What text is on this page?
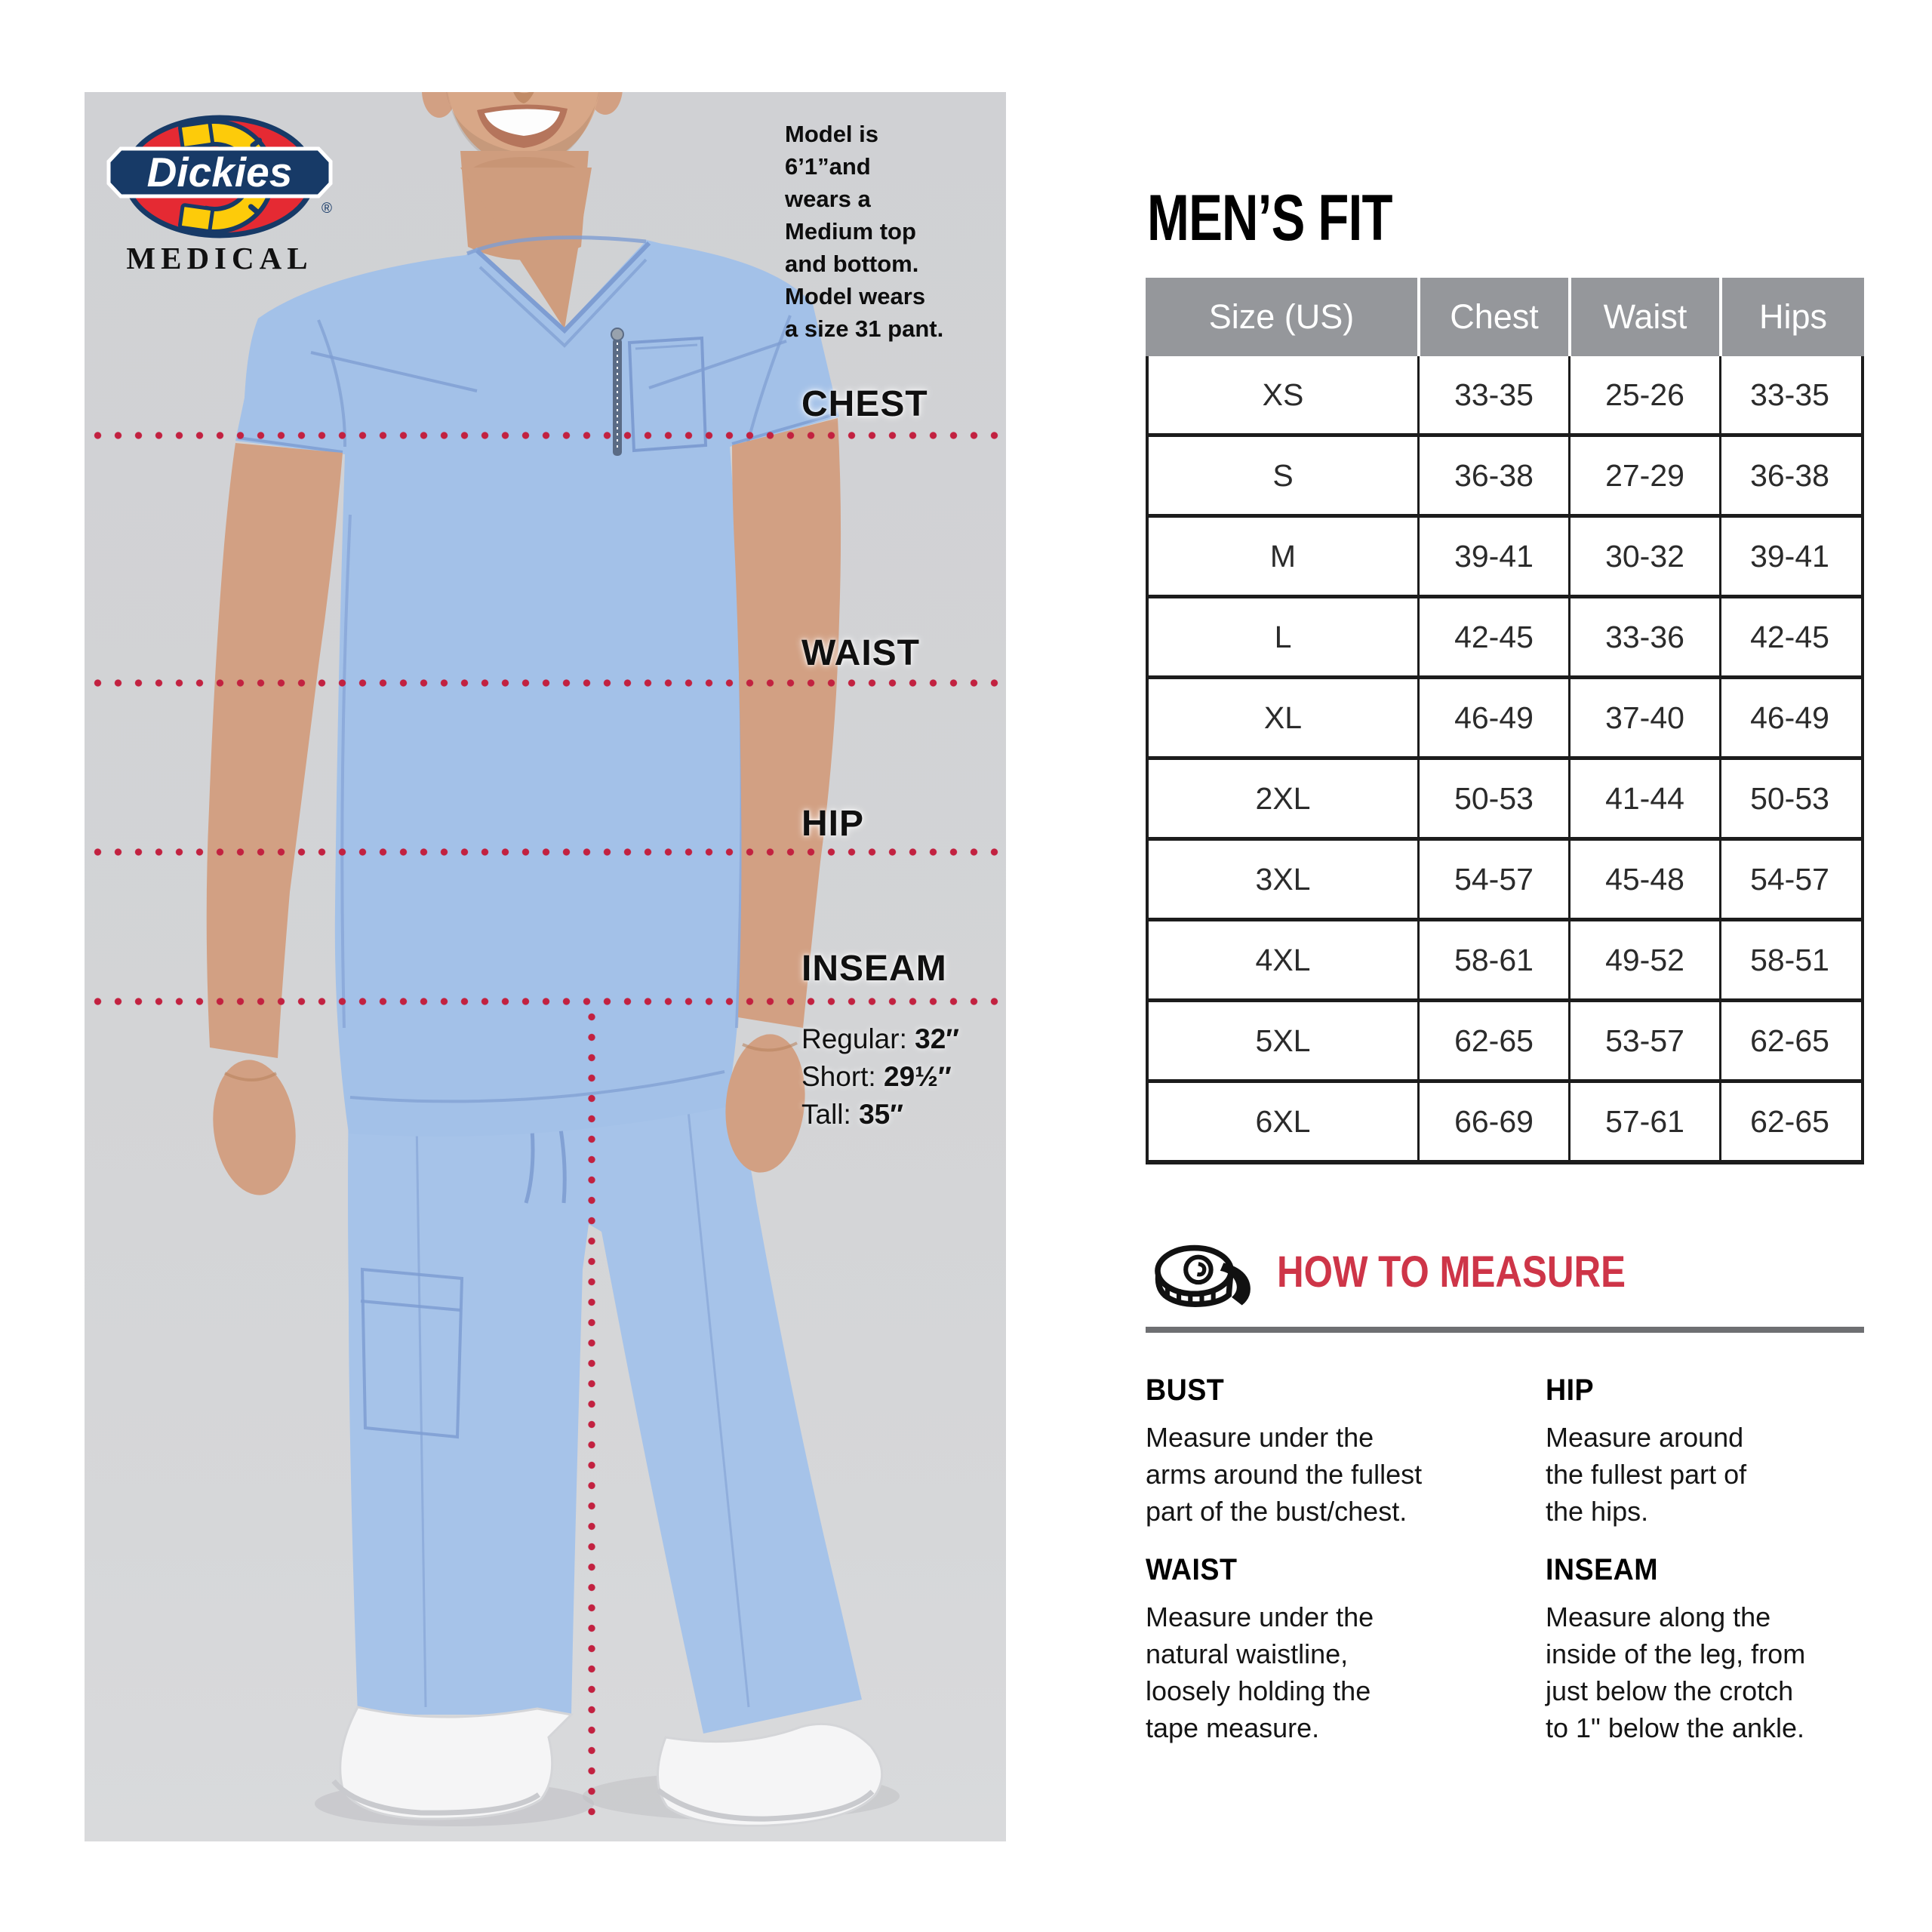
Dickies
®
MEDICAL
Model is
6’1”and
wears a
Medium top
and bottom.
Model wears
a size 31 pant.
CHEST
WAIST
HIP
INSEAM
Regular: 32″
Short: 29½″
Tall: 35″
MEN’S FIT
Size (US)	Chest	Waist	Hips
XS	33-35	25-26	33-35
S	36-38	27-29	36-38
M	39-41	30-32	39-41
L	42-45	33-36	42-45
XL	46-49	37-40	46-49
2XL	50-53	41-44	50-53
3XL	54-57	45-48	54-57
4XL	58-61	49-52	58-51
5XL	62-65	53-57	62-65
6XL	66-69	57-61	62-65
HOW TO MEASURE
BUST
Measure under the
arms around the fullest
part of the bust/chest.
HIP
Measure around
the fullest part of
the hips.
WAIST
Measure under the
natural waistline,
loosely holding the
tape measure.
INSEAM
Measure along the
inside of the leg, from
just below the crotch
to 1" below the ankle.
